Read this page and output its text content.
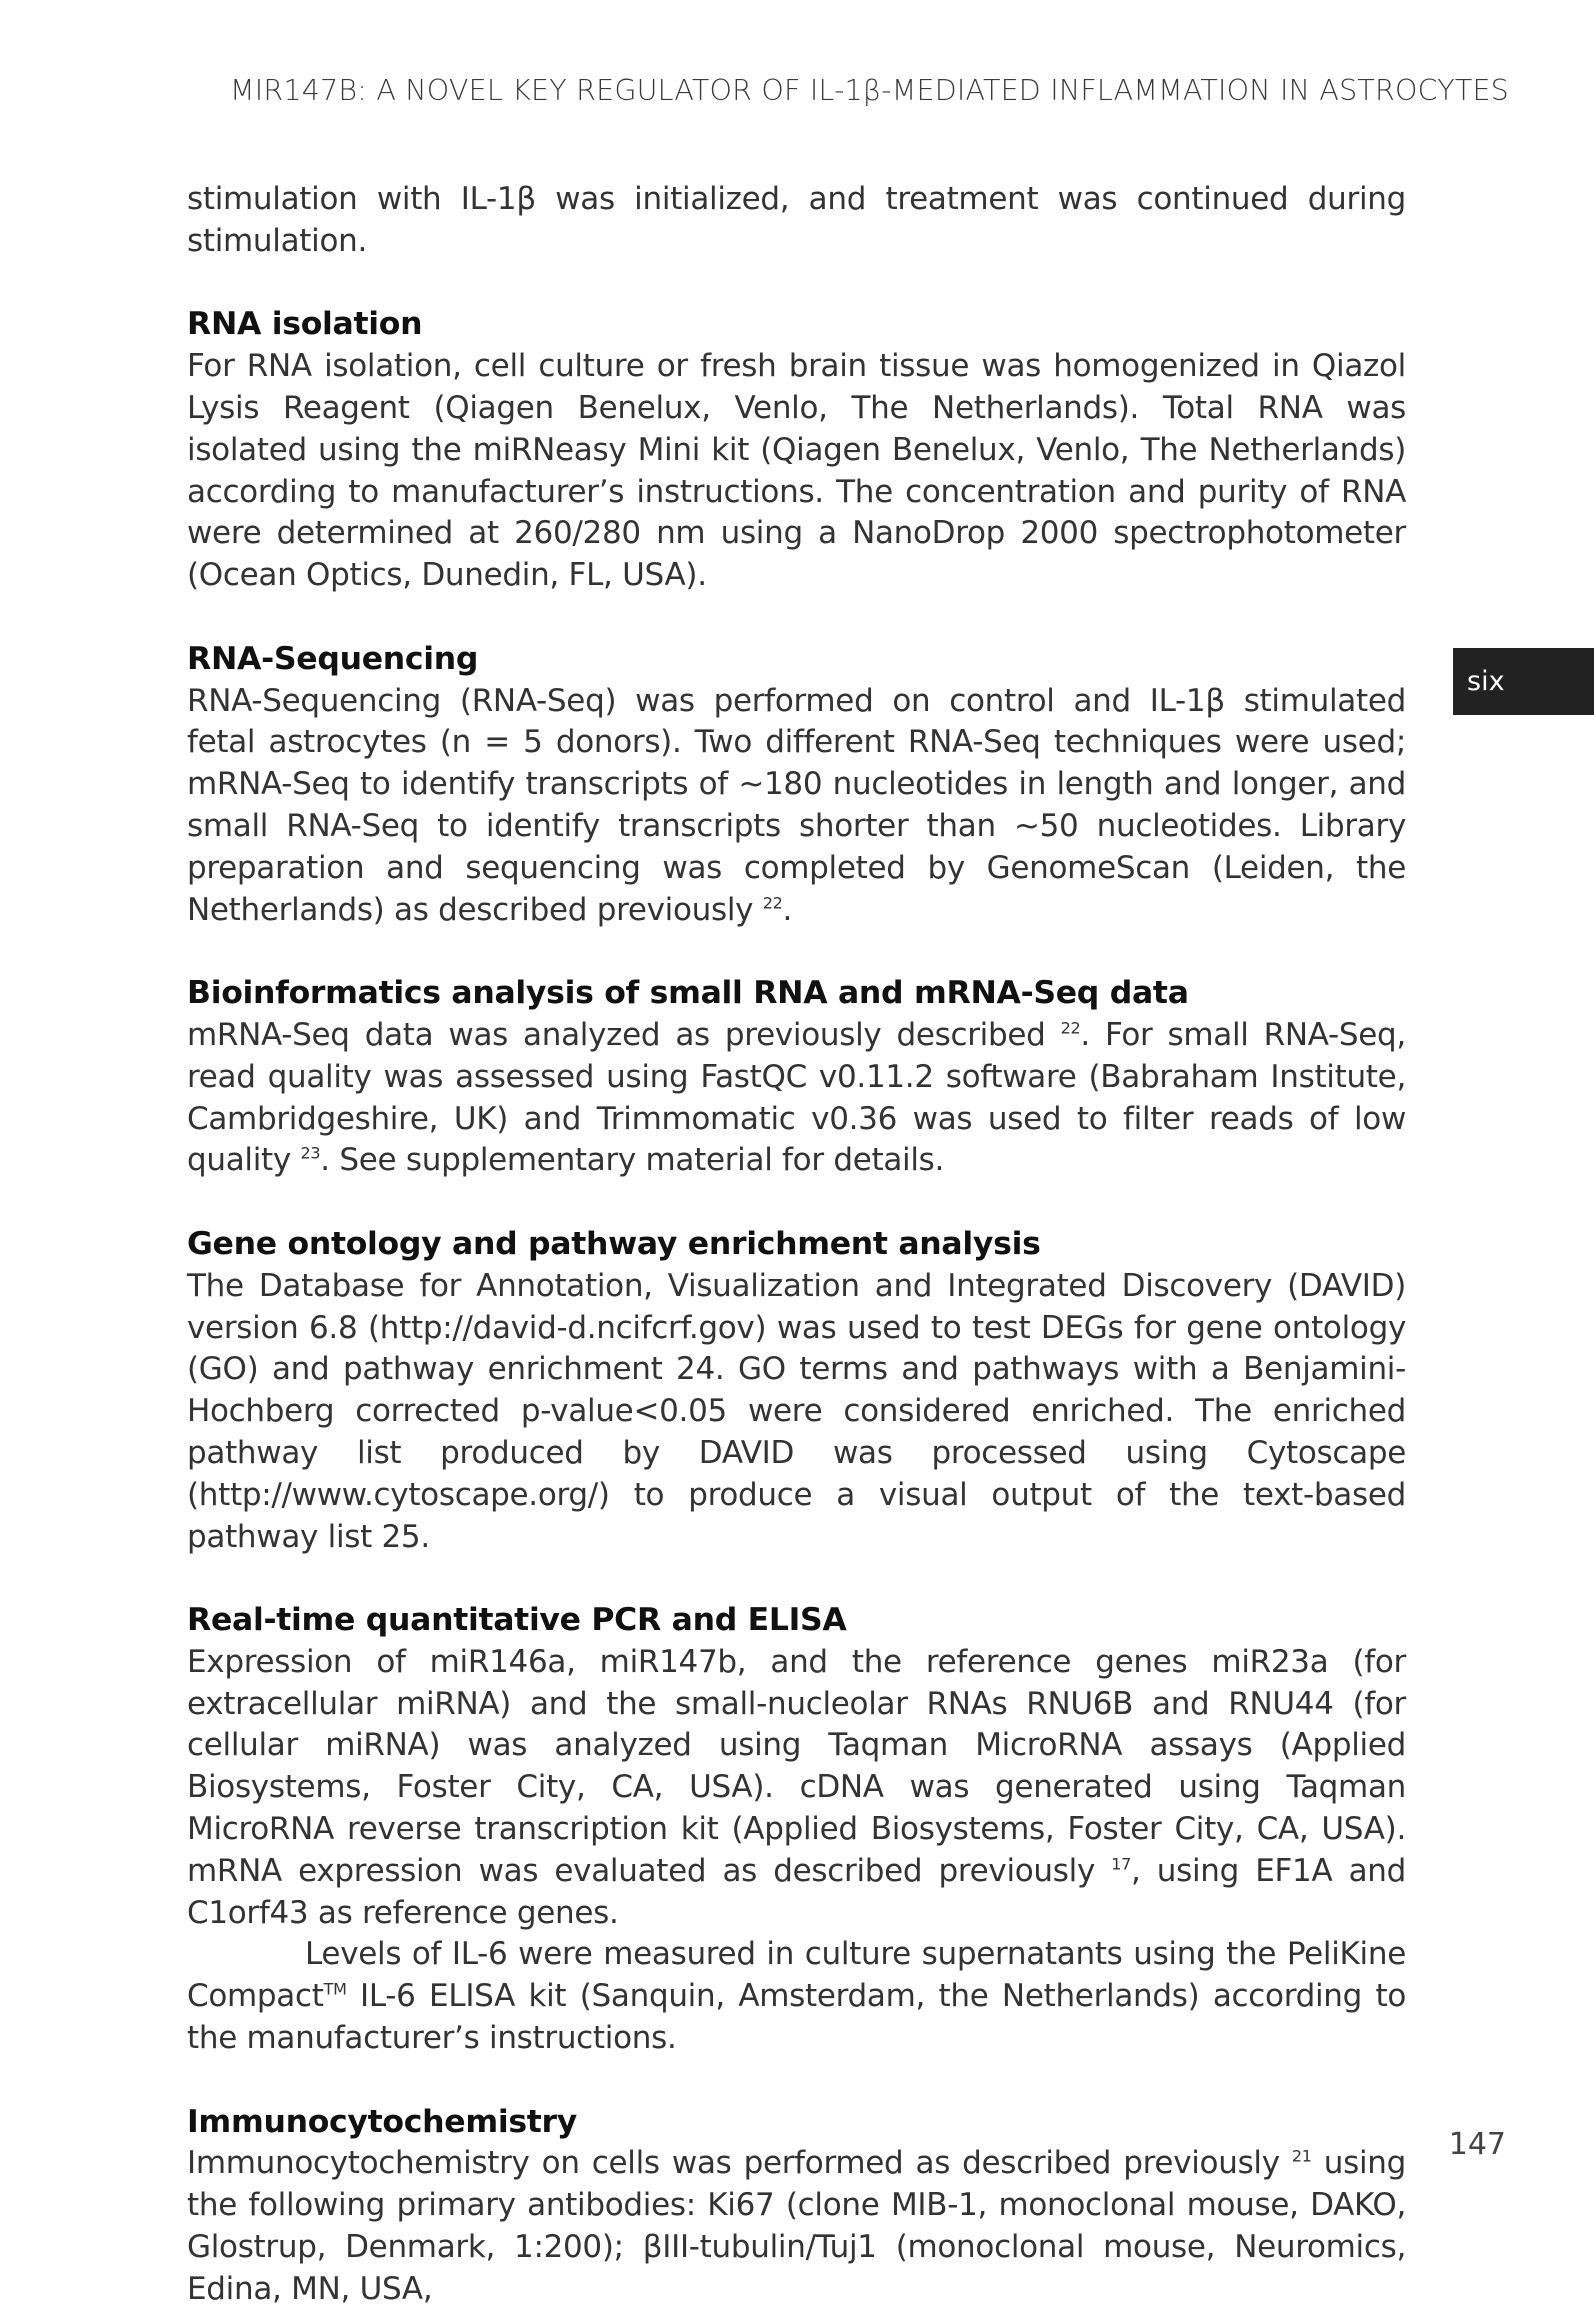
MIR147B: A NOVEL KEY REGULATOR OF IL-1β-MEDIATED INFLAMMATION IN ASTROCYTES
six

stimulation with IL-1β was initialized, and treatment was continued during stimulation.

RNA isolation

For RNA isolation, cell culture or fresh brain tissue was homogenized in Qiazol Lysis Reagent (Qiagen Benelux, Venlo, The Netherlands). Total RNA was isolated using the miRNeasy Mini kit (Qiagen Benelux, Venlo, The Netherlands) according to manufacturer’s instructions. The concentration and purity of RNA were determined at 260/280 nm using a NanoDrop 2000 spectrophotometer (Ocean Optics, Dunedin, FL, USA).

RNA-Sequencing

RNA-Sequencing (RNA-Seq) was performed on control and IL-1β stimulated fetal astrocytes (n = 5 donors). Two different RNA-Seq techniques were used; mRNA-Seq to identify transcripts of ~180 nucleotides in length and longer, and small RNA-Seq to identify transcripts shorter than ~50 nucleotides. Library preparation and sequencing was completed by GenomeScan (Leiden, the Netherlands) as described previously $^{22}$.

Bioinformatics analysis of small RNA and mRNA-Seq data

mRNA-Seq data was analyzed as previously described $^{22}$. For small RNA-Seq, read quality was assessed using FastQC v0.11.2 software (Babraham Institute, Cambridgeshire, UK) and Trimmomatic v0.36 was used to filter reads of low quality $^{23}$. See supplementary material for details.

Gene ontology and pathway enrichment analysis

The Database for Annotation, Visualization and Integrated Discovery (DAVID) version 6.8 (http://david-d.ncifcrf.gov) was used to test DEGs for gene ontology (GO) and pathway enrichment 24. GO terms and pathways with a Benjamini-Hochberg corrected p-value<0.05 were considered enriched. The enriched pathway list produced by DAVID was processed using Cytoscape (http://www.cytoscape.org/) to produce a visual output of the text-based pathway list 25.

Real-time quantitative PCR and ELISA

Expression of miR146a, miR147b, and the reference genes miR23a (for extracellular miRNA) and the small-nucleolar RNAs RNU6B and RNU44 (for cellular miRNA) was analyzed using Taqman MicroRNA assays (Applied Biosystems, Foster City, CA, USA). cDNA was generated using Taqman MicroRNA reverse transcription kit (Applied Biosystems, Foster City, CA, USA). mRNA expression was evaluated as described previously $^{17}$, using EF1A and C1orf43 as reference genes.

Levels of IL-6 were measured in culture supernatants using the PeliKine Compact™ IL-6 ELISA kit (Sanquin, Amsterdam, the Netherlands) according to the manufacturer’s instructions.

Immunocytochemistry

Immunocytochemistry on cells was performed as described previously $^{21}$ using the following primary antibodies: Ki67 (clone MIB-1, monoclonal mouse, DAKO, Glostrup, Denmark, 1:200); βIII-tubulin/Tuj1 (monoclonal mouse, Neuromics, Edina, MN, USA,

147
